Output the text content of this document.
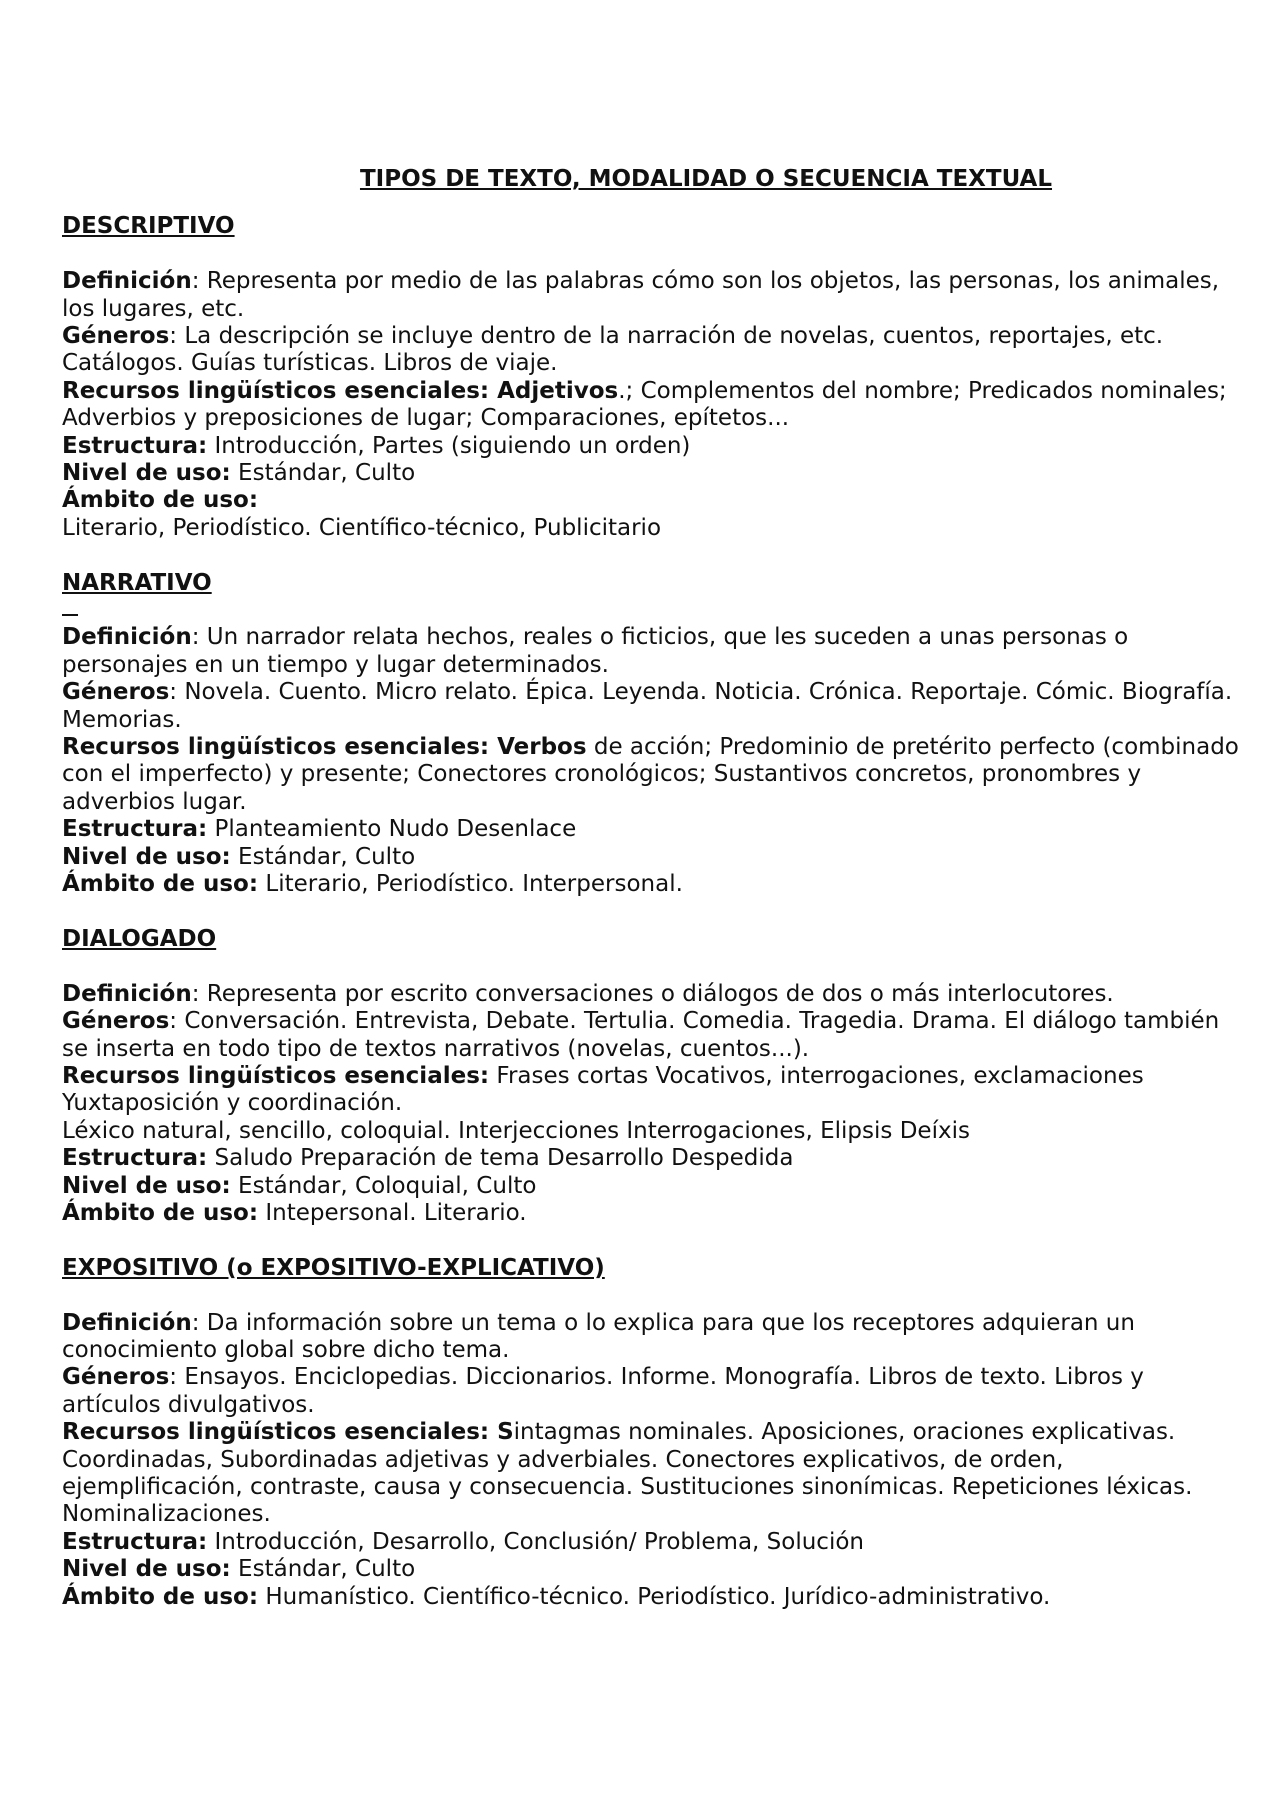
TIPOS DE TEXTO, MODALIDAD O SECUENCIA TEXTUAL
DESCRIPTIVO
Definición: Representa por medio de las palabras cómo son los objetos, las personas, los animales, los lugares, etc.
Géneros: La descripción se incluye dentro de la narración de novelas, cuentos, reportajes, etc. Catálogos. Guías turísticas. Libros de viaje.
Recursos lingüísticos esenciales: Adjetivos.; Complementos del nombre; Predicados nominales; Adverbios y preposiciones de lugar; Comparaciones, epítetos...
Estructura: Introducción, Partes (siguiendo un orden)
Nivel de uso: Estándar, Culto
Ámbito de uso:
Literario, Periodístico. Científico-técnico, Publicitario
NARRATIVO

Definición: Un narrador relata hechos, reales o ficticios, que les suceden a unas personas o personajes en un tiempo y lugar determinados.
Géneros: Novela. Cuento. Micro relato. Épica. Leyenda. Noticia. Crónica. Reportaje. Cómic. Biografía. Memorias.
Recursos lingüísticos esenciales: Verbos de acción; Predominio de pretérito perfecto (combinado con el imperfecto) y presente; Conectores cronológicos; Sustantivos concretos, pronombres y adverbios lugar.
Estructura: Planteamiento Nudo Desenlace
Nivel de uso: Estándar, Culto
Ámbito de uso: Literario, Periodístico. Interpersonal.
DIALOGADO
Definición: Representa por escrito conversaciones o diálogos de dos o más interlocutores.
Géneros: Conversación. Entrevista, Debate. Tertulia. Comedia. Tragedia. Drama. El diálogo también se inserta en todo tipo de textos narrativos (novelas, cuentos...).
Recursos lingüísticos esenciales: Frases cortas Vocativos, interrogaciones, exclamaciones Yuxtaposición y coordinación.
Léxico natural, sencillo, coloquial. Interjecciones Interrogaciones, Elipsis Deíxis
Estructura: Saludo Preparación de tema Desarrollo Despedida
Nivel de uso: Estándar, Coloquial, Culto
Ámbito de uso: Intepersonal. Literario.
EXPOSITIVO (o EXPOSITIVO-EXPLICATIVO)
Definición: Da información sobre un tema o lo explica para que los receptores adquieran un conocimiento global sobre dicho tema.
Géneros: Ensayos. Enciclopedias. Diccionarios. Informe. Monografía. Libros de texto. Libros y artículos divulgativos.
Recursos lingüísticos esenciales: Sintagmas nominales. Aposiciones, oraciones explicativas. Coordinadas, Subordinadas adjetivas y adverbiales. Conectores explicativos, de orden, ejemplificación, contraste, causa y consecuencia. Sustituciones sinonímicas. Repeticiones léxicas. Nominalizaciones.
Estructura: Introducción, Desarrollo, Conclusión/ Problema, Solución
Nivel de uso: Estándar, Culto
Ámbito de uso: Humanístico. Científico-técnico. Periodístico. Jurídico-administrativo.
